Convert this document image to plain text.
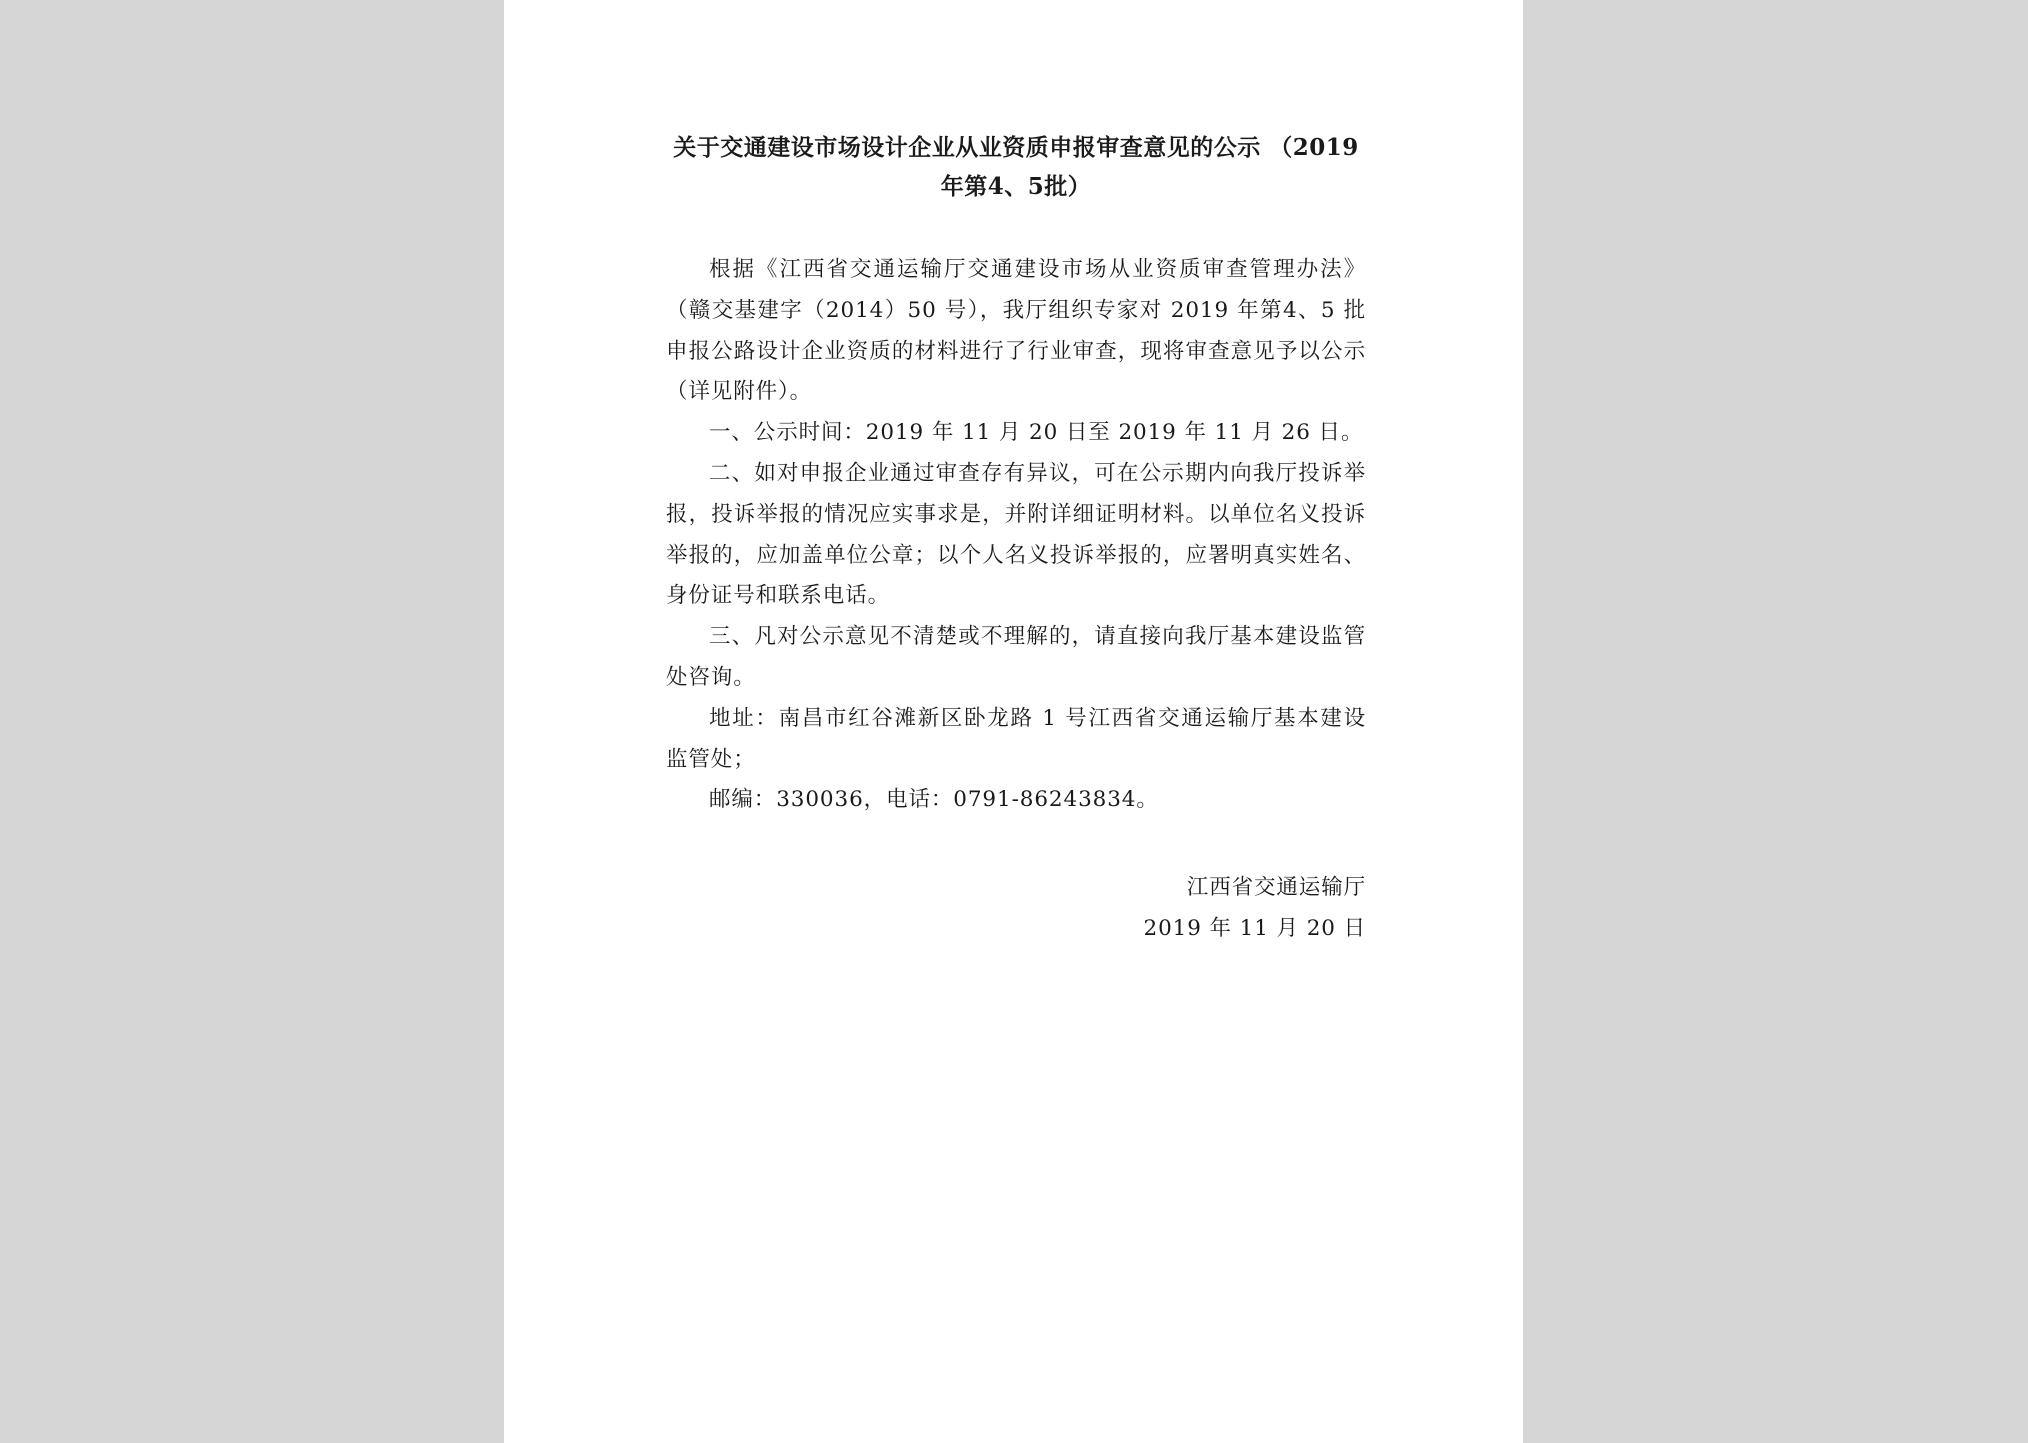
关于交通建设市场设计企业从业资质申报审查意见的公示 （2019
年第4、5批）

根据《江西省交通运输厅交通建设市场从业资质审查管理办法》（赣交基建字（2014）50 号），我厅组织专家对 2019 年第4、5 批申报公路设计企业资质的材料进行了行业审查，现将审查意见予以公示（详见附件）。

一、公示时间：2019 年 11 月 20 日至 2019 年 11 月 26 日。

二、如对申报企业通过审查存有异议，可在公示期内向我厅投诉举报，投诉举报的情况应实事求是，并附详细证明材料。以单位名义投诉举报的，应加盖单位公章；以个人名义投诉举报的，应署明真实姓名、身份证号和联系电话。

三、凡对公示意见不清楚或不理解的，请直接向我厅基本建设监管处咨询。

地址：南昌市红谷滩新区卧龙路 1 号江西省交通运输厅基本建设监管处；

邮编：330036，电话：0791-86243834。

江西省交通运输厅
2019 年 11 月 20 日
